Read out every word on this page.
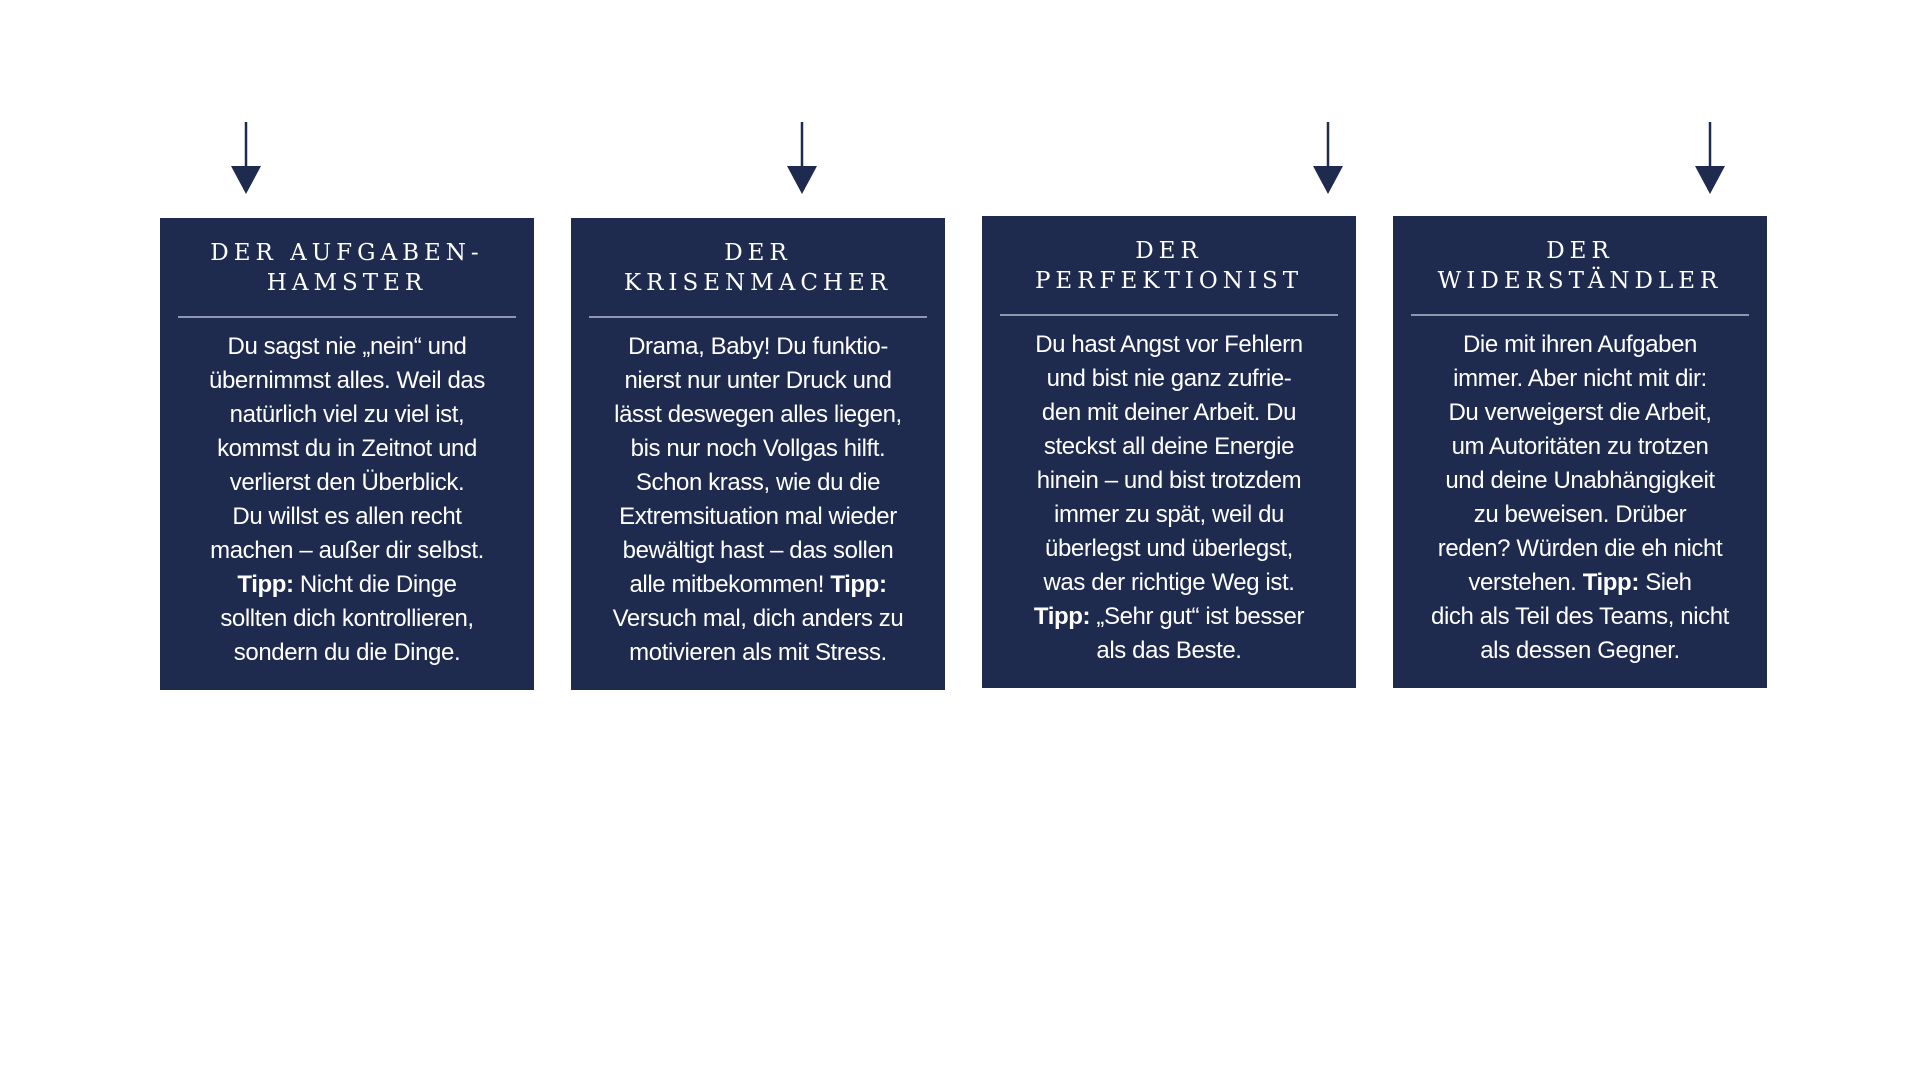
DER AUFGABEN-
HAMSTER

Du sagst nie „nein“ und
übernimmst alles. Weil das
natürlich viel zu viel ist,
kommst du in Zeitnot und
verlierst den Überblick.
Du willst es allen recht
machen – außer dir selbst.
Tipp: Nicht die Dinge
sollten dich kontrollieren,
sondern du die Dinge.

DER
KRISENMACHER

Drama, Baby! Du funktio-
nierst nur unter Druck und
lässt deswegen alles liegen,
bis nur noch Vollgas hilft.
Schon krass, wie du die
Extremsituation mal wieder
bewältigt hast – das sollen
alle mitbekommen! Tipp:
Versuch mal, dich anders zu
motivieren als mit Stress.

DER
PERFEKTIONIST

Du hast Angst vor Fehlern
und bist nie ganz zufrie-
den mit deiner Arbeit. Du
steckst all deine Energie
hinein – und bist trotzdem
immer zu spät, weil du
überlegst und überlegst,
was der richtige Weg ist.
Tipp: „Sehr gut“ ist besser
als das Beste.

DER
WIDERSTÄNDLER

Die mit ihren Aufgaben
immer. Aber nicht mit dir:
Du verweigerst die Arbeit,
um Autoritäten zu trotzen
und deine Unabhängigkeit
zu beweisen. Drüber
reden? Würden die eh nicht
verstehen. Tipp: Sieh
dich als Teil des Teams, nicht
als dessen Gegner.
